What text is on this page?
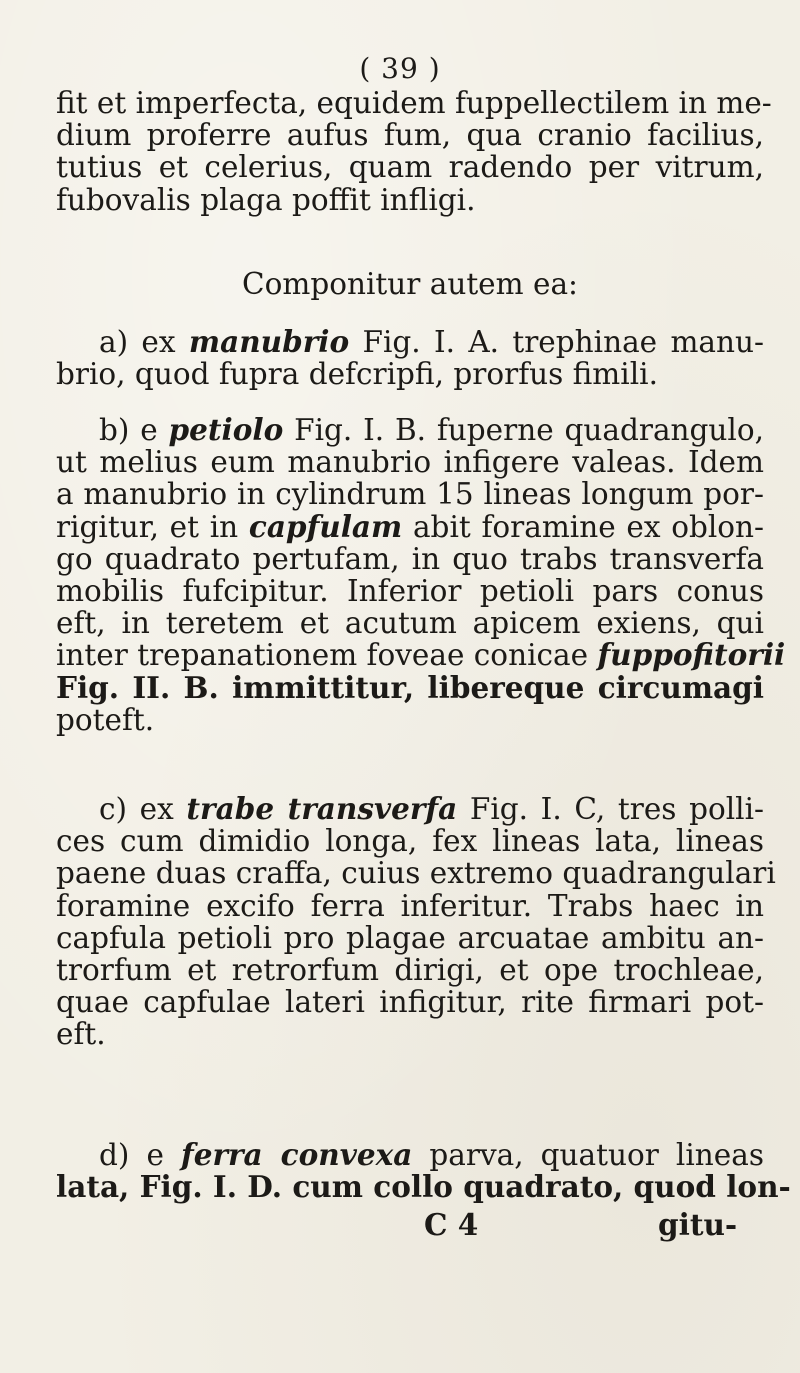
( 39 )
fit et imperfecta, equidem fuppellectilem in me-
dium proferre aufus fum, qua cranio facilius,
tutius et celerius, quam radendo per vitrum,
fubovalis plaga poffit infligi.
Componitur autem ea:
a) ex manubrio Fig. I. A. trephinae manu-
brio, quod fupra defcripfi, prorfus fimili.
b) e petiolo Fig. I. B. fuperne quadrangulo,
ut melius eum manubrio infigere valeas. Idem
a manubrio in cylindrum 15 lineas longum por-
rigitur, et in capfulam abit foramine ex oblon-
go quadrato pertufam, in quo trabs transverfa
mobilis fufcipitur. Inferior petioli pars conus
eft, in teretem et acutum apicem exiens, qui
inter trepanationem foveae conicae fuppofitorii
Fig. II. B. immittitur, libereque circumagi
poteft.
c) ex trabe transverfa Fig. I. C, tres polli-
ces cum dimidio longa, fex lineas lata, lineas
paene duas craffa, cuius extremo quadrangulari
foramine excifo ferra inferitur. Trabs haec in
capfula petioli pro plagae arcuatae ambitu an-
trorfum et retrorfum dirigi, et ope trochleae,
quae capfulae lateri infigitur, rite firmari pot-
eft.
d) e ferra convexa parva, quatuor lineas
lata, Fig. I. D. cum collo quadrato, quod lon-
C 4	gitu-
